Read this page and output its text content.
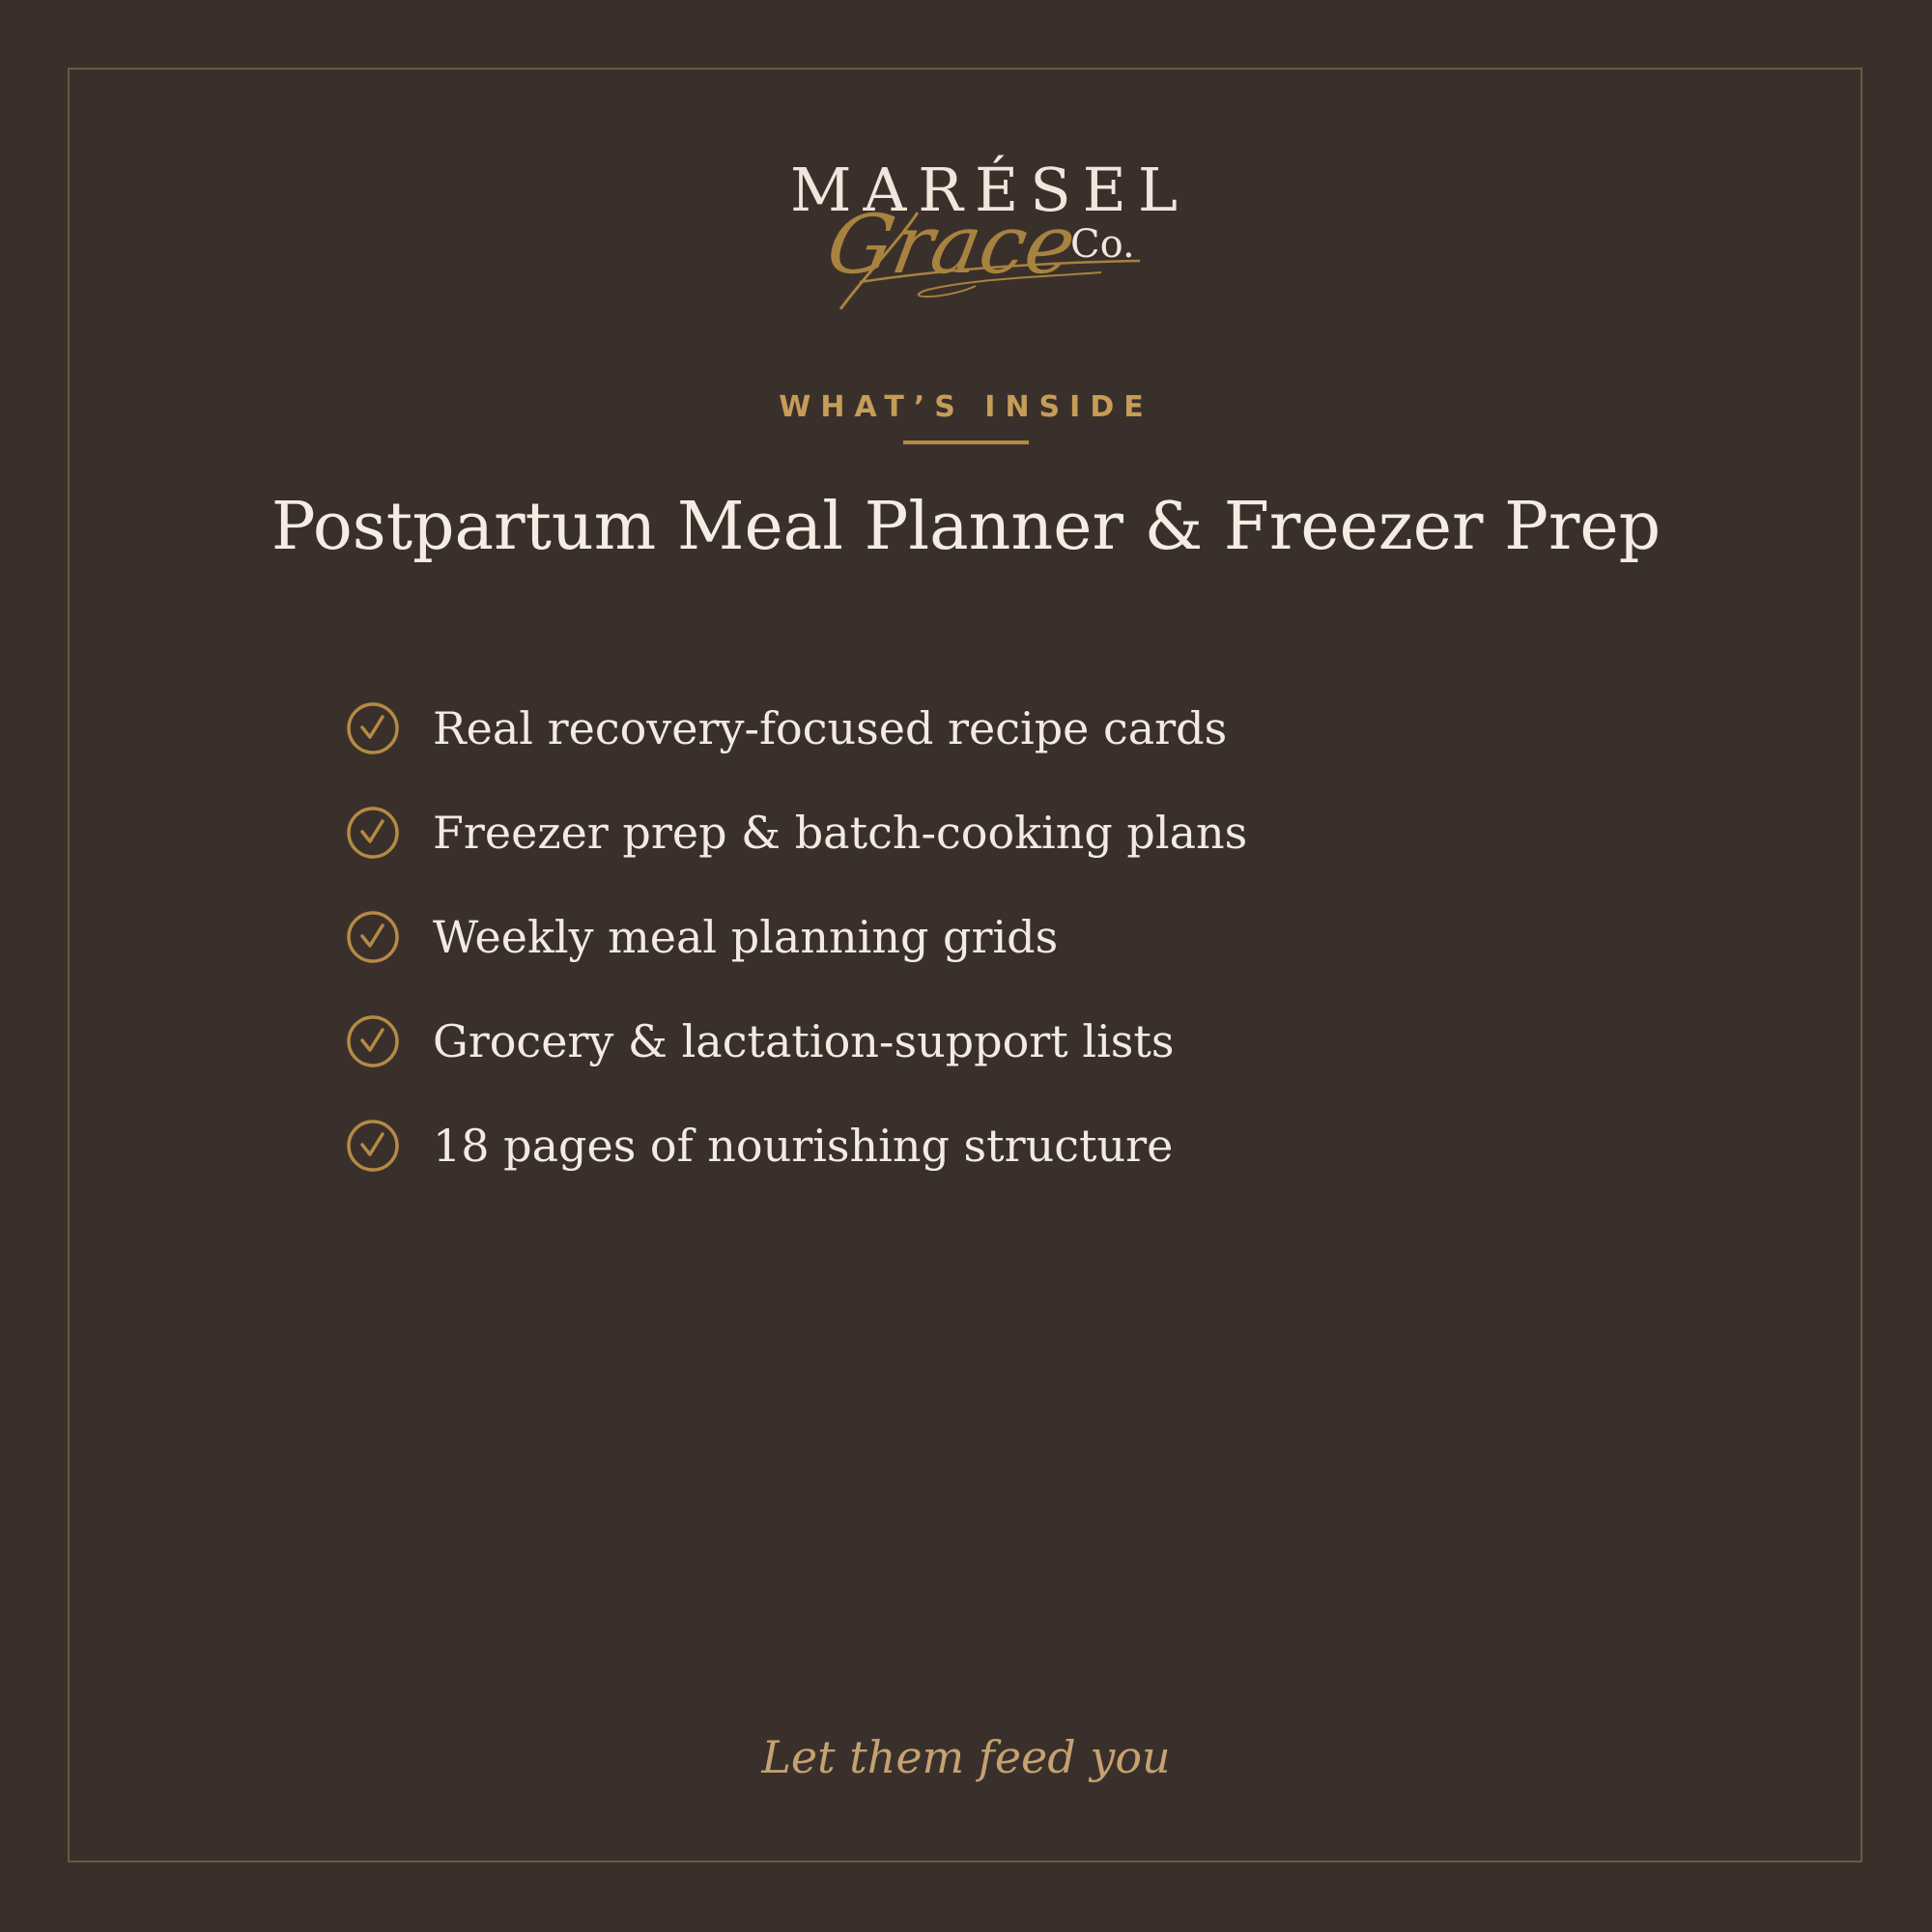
MARÉSEL
Grace
Co.
WHAT’S INSIDE
Postpartum Meal Planner & Freezer Prep
Real recovery-focused recipe cards
Freezer prep & batch-cooking plans
Weekly meal planning grids
Grocery & lactation-support lists
18 pages of nourishing structure
Let them feed you
